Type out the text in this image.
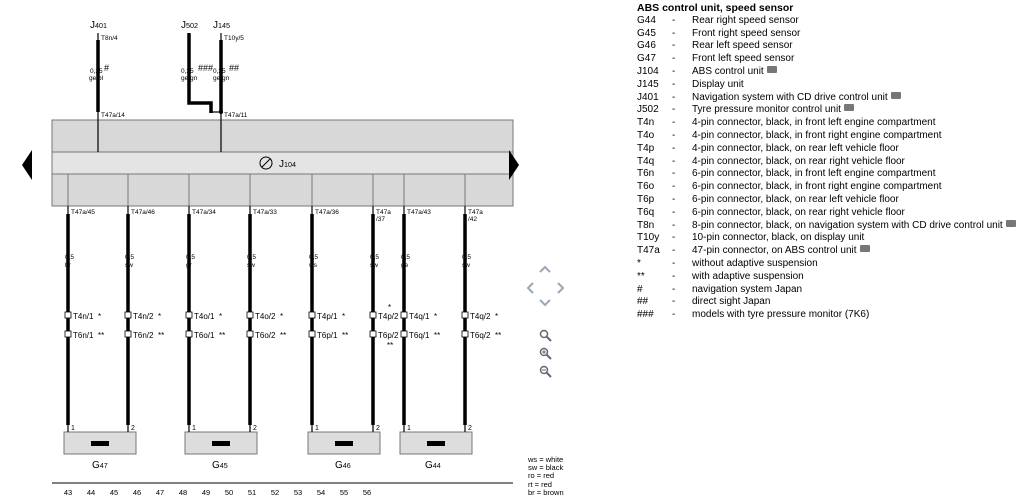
J104
J401	J502 J145
T8n/4
0,35 #
ge/bl
T47a/14
T10y/5
0,35 ###
ge/gn
0,35 ##
ge/gn
T47a/11
G47	G45	G46	G44
T47a/45
0,5
br
T4n/1 *
T6n/1 **
1
T47a/46
0,5
sw
T4n/2 *
T6n/2 **
2
T47a/34
0,5
gr
T4o/1 *
T6o/1 **
1
T47a/33
0,5
sw
T4o/2 *
T6o/2 **
2
T47a/36
0,5
ws
T4p/1 *
T6p/1 **
1
T47a
/37
0,5
sw
T4p/2
*
T6p/2
**
2
T47a/43
0,5
ge
T4q/1 *
T6q/1 **
1
T47a
/42
0,5
sw
T4q/2 *
T6q/2 **
2
ABS control unit, speed sensor
G44	-	Rear right speed sensor
G45	-	Front right speed sensor
G46	-	Rear left speed sensor
G47	-	Front left speed sensor
J104	-	ABS control unit
J145	-	Display unit
J401	-	Navigation system with CD drive control unit
J502	-	Tyre pressure monitor control unit
T4n	-	4-pin connector, black, in front left engine compartment
T4o	-	4-pin connector, black, in front right engine compartment
T4p	-	4-pin connector, black, on rear left vehicle floor
T4q	-	4-pin connector, black, on rear right vehicle floor
T6n	-	6-pin connector, black, in front left engine compartment
T6o	-	6-pin connector, black, in front right engine compartment
T6p	-	6-pin connector, black, on rear left vehicle floor
T6q	-	6-pin connector, black, on rear right vehicle floor
T8n	-	8-pin connector, black, on navigation system with CD drive control unit
T10y	-	10-pin connector, black, on display unit
T47a	-	47-pin connector, on ABS control unit
*	-	without adaptive suspension
**	-	with adaptive suspension
#	-	navigation system Japan
##	-	direct sight Japan
###	-	models with tyre pressure monitor (7K6)
ws = white
sw = black
ro = red
rt = red
br = brown
43	44	45	46	47	48	49	50	51	52	53	54	55	56
